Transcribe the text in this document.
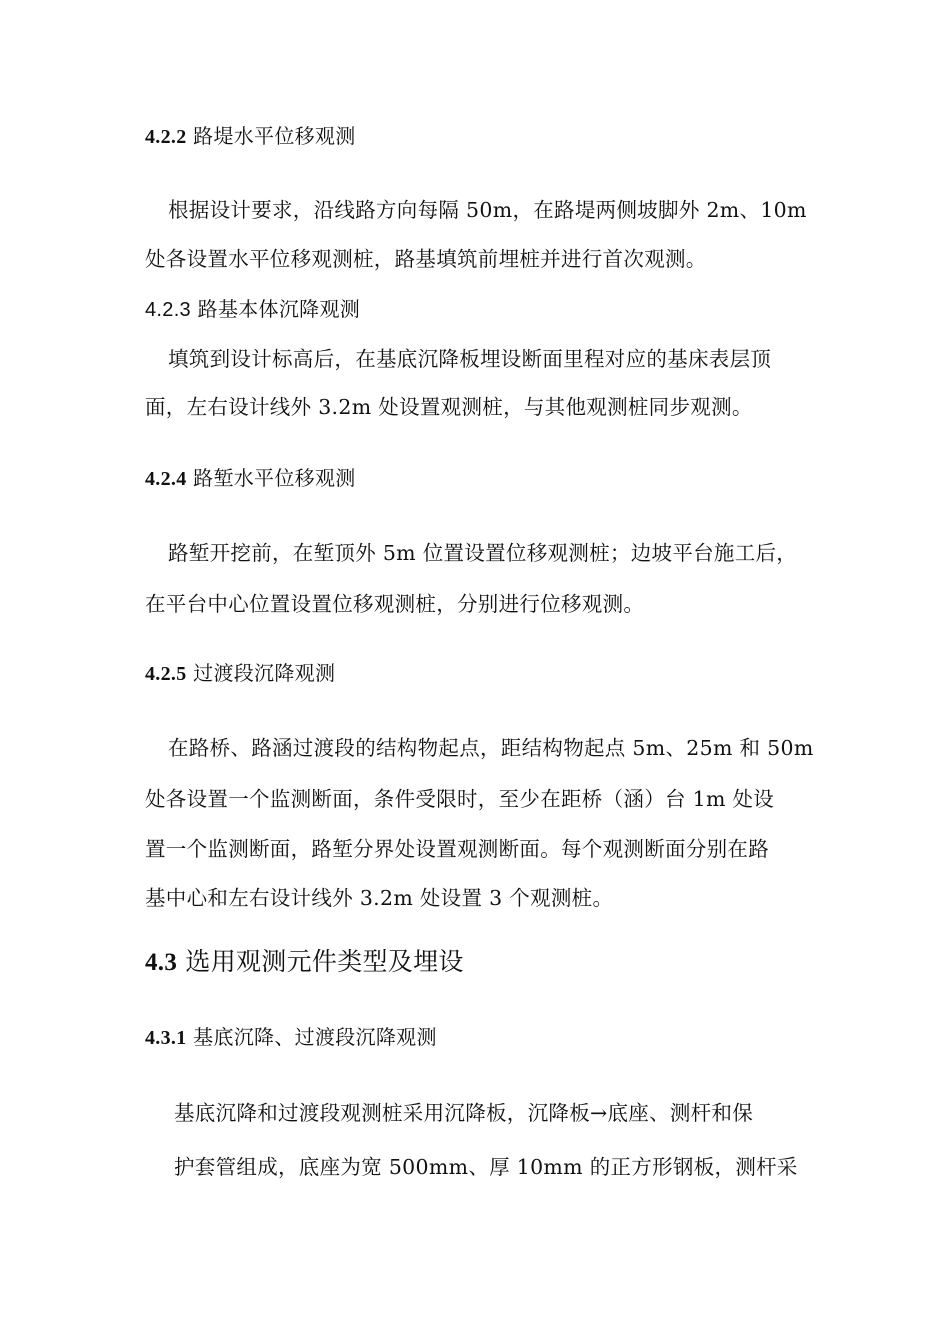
4.2.2 路堤水平位移观测
根据设计要求，沿线路方向每隔 50m，在路堤两侧坡脚外 2m、10m
处各设置水平位移观测桩，路基填筑前埋桩并进行首次观测。
4.2.3 路基本体沉降观测
填筑到设计标高后，在基底沉降板埋设断面里程对应的基床表层顶
面，左右设计线外 3.2m 处设置观测桩，与其他观测桩同步观测。
4.2.4 路堑水平位移观测
路堑开挖前，在堑顶外 5m 位置设置位移观测桩；边坡平台施工后，
在平台中心位置设置位移观测桩，分别进行位移观测。
4.2.5 过渡段沉降观测
在路桥、路涵过渡段的结构物起点，距结构物起点 5m、25m 和 50m
处各设置一个监测断面，条件受限时，至少在距桥（涵）台 1m 处设
置一个监测断面，路堑分界处设置观测断面。每个观测断面分别在路
基中心和左右设计线外 3.2m 处设置 3 个观测桩。
4.3 选用观测元件类型及埋设
4.3.1 基底沉降、过渡段沉降观测
基底沉降和过渡段观测桩采用沉降板，沉降板→底座、测杆和保
护套管组成，底座为宽 500mm、厚 10mm 的正方形钢板，测杆采
